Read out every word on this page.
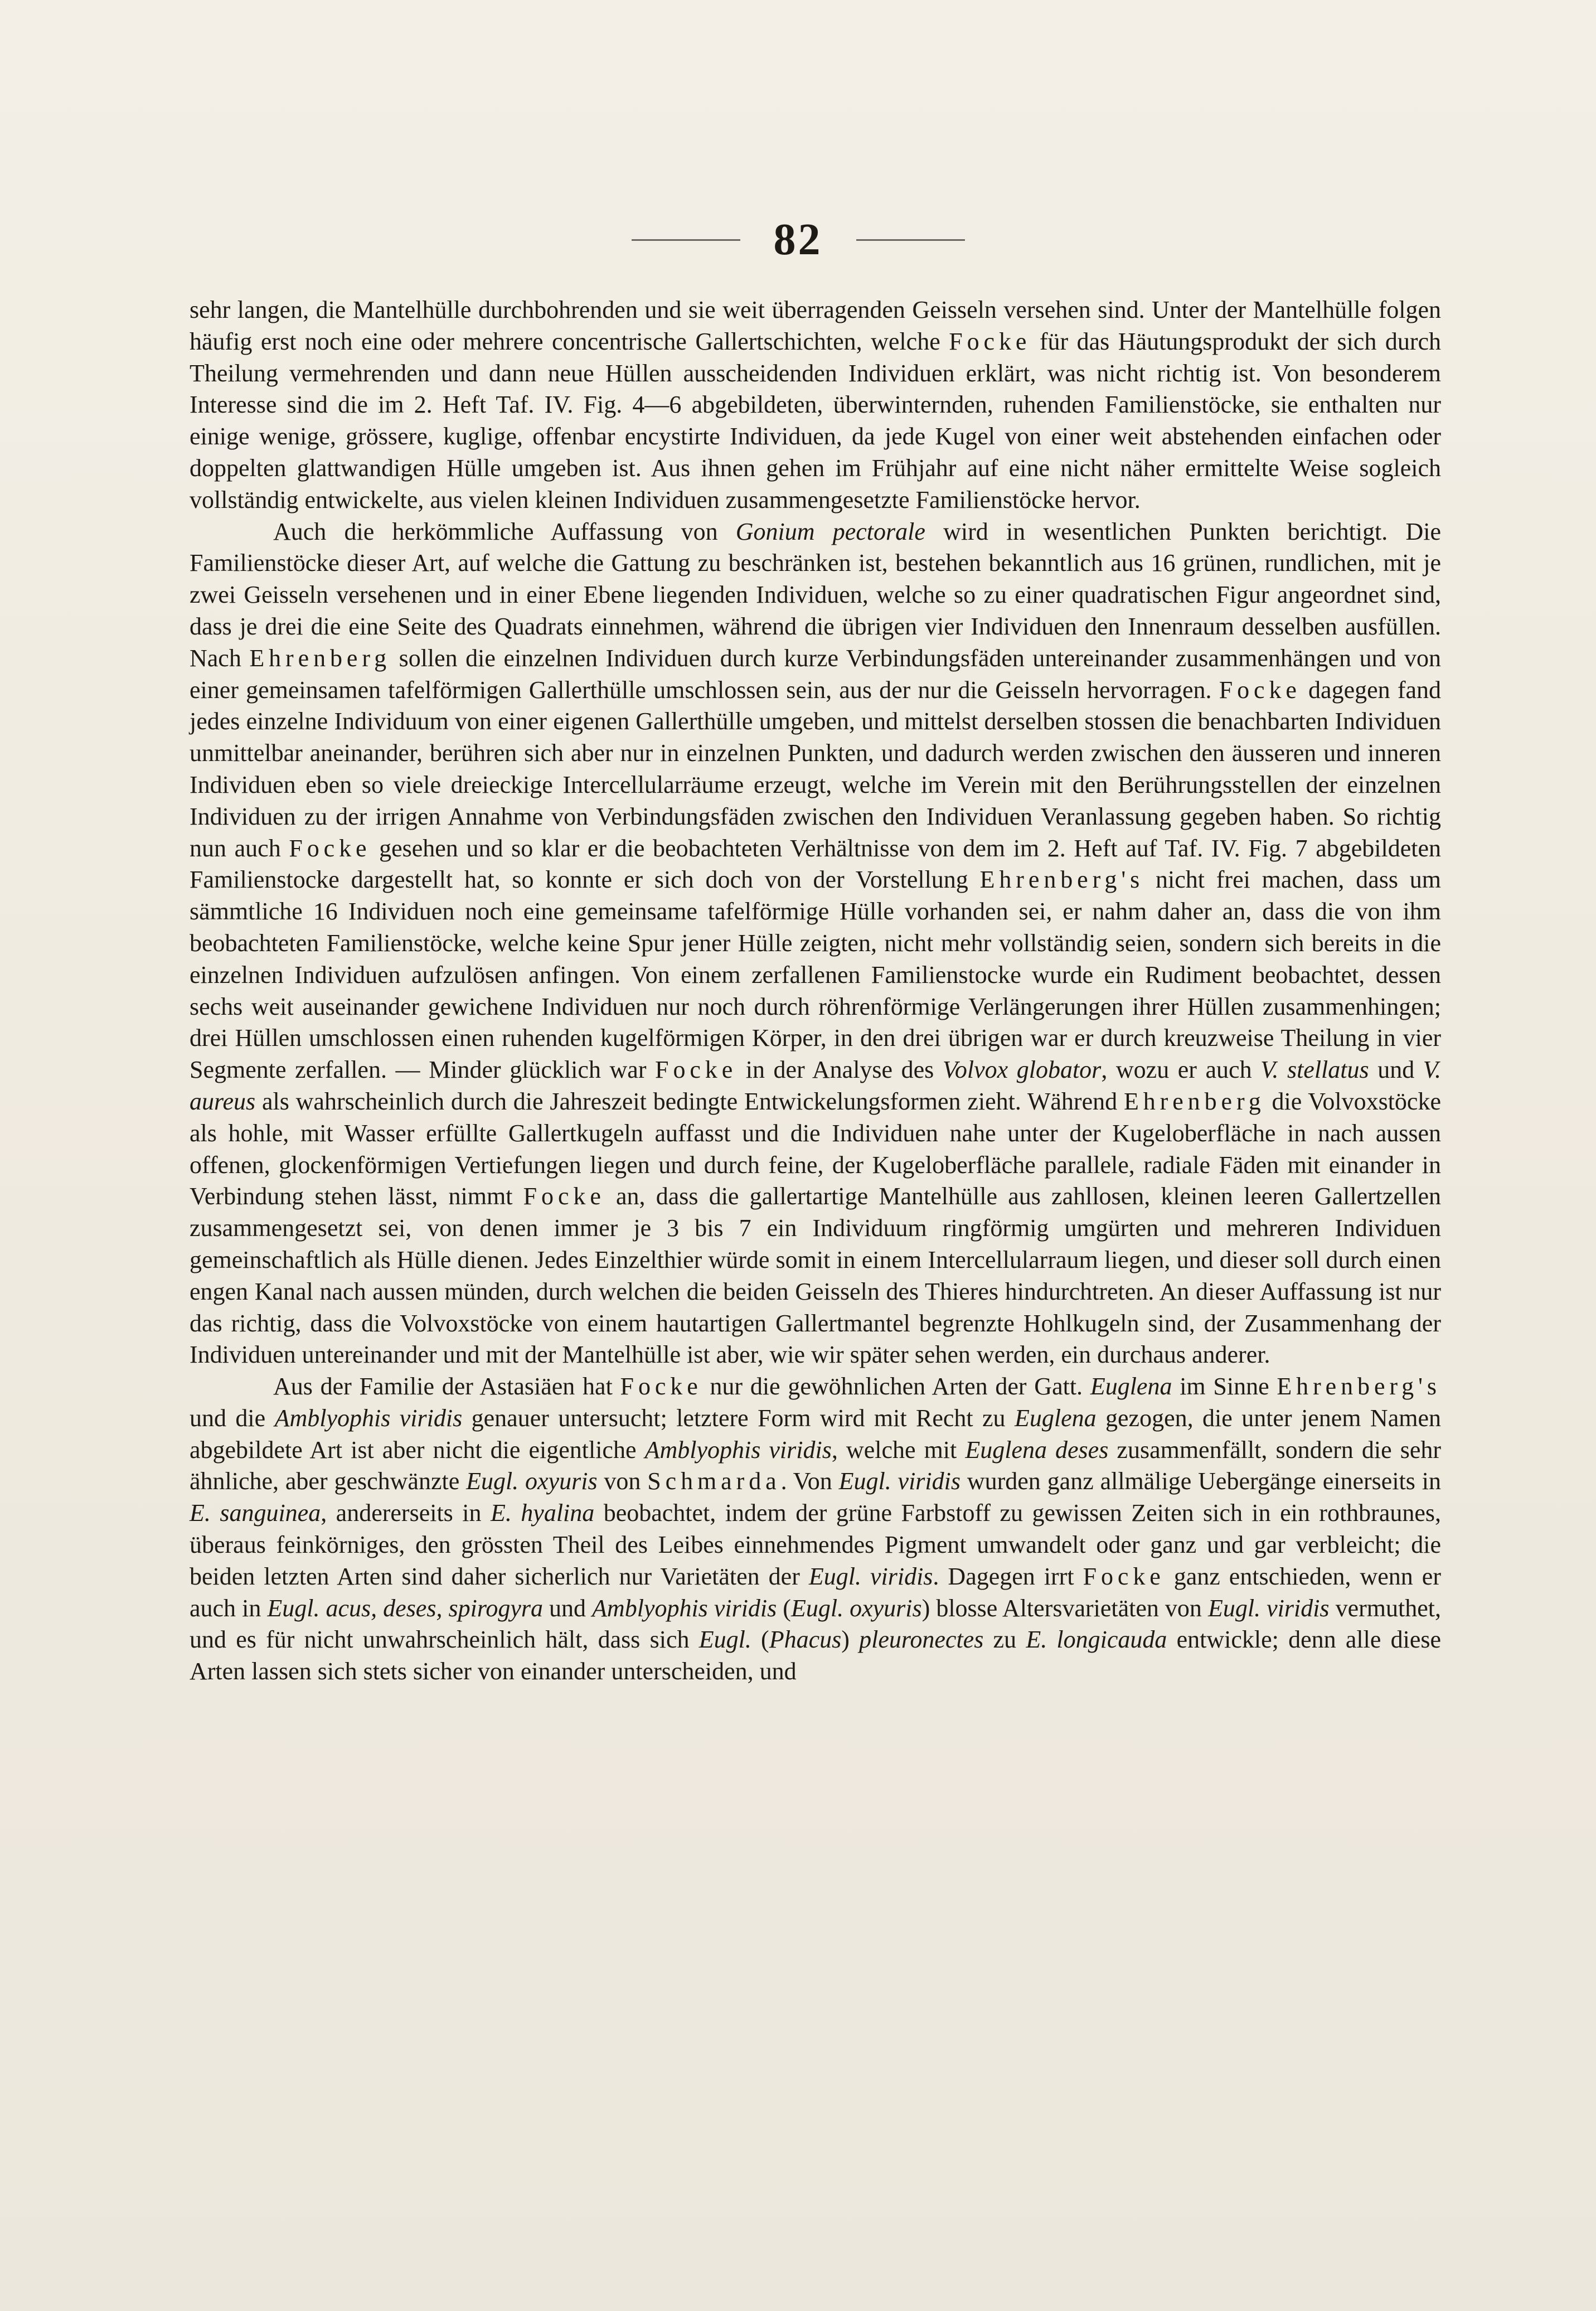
82

sehr langen, die Mantelhülle durchbohrenden und sie weit überragenden Geisseln versehen sind. Unter der Mantelhülle folgen häufig erst noch eine oder mehrere concentrische Gallertschichten, welche Focke für das Häutungsprodukt der sich durch Theilung vermehrenden und dann neue Hüllen ausscheidenden Individuen erklärt, was nicht richtig ist. Von besonderem Interesse sind die im 2. Heft Taf. IV. Fig. 4—6 abgebildeten, überwinternden, ruhenden Familienstöcke, sie enthalten nur einige wenige, grössere, kuglige, offenbar encystirte Individuen, da jede Kugel von einer weit abstehenden einfachen oder doppelten glattwandigen Hülle umgeben ist. Aus ihnen gehen im Frühjahr auf eine nicht näher ermittelte Weise sogleich vollständig entwickelte, aus vielen kleinen Individuen zusammengesetzte Familienstöcke hervor.

Auch die herkömmliche Auffassung von Gonium pectorale wird in wesentlichen Punkten berichtigt. Die Familienstöcke dieser Art, auf welche die Gattung zu beschränken ist, bestehen bekanntlich aus 16 grünen, rundlichen, mit je zwei Geisseln versehenen und in einer Ebene liegenden Individuen, welche so zu einer quadratischen Figur angeordnet sind, dass je drei die eine Seite des Quadrats einnehmen, während die übrigen vier Individuen den Innenraum desselben ausfüllen. Nach Ehrenberg sollen die einzelnen Individuen durch kurze Verbindungsfäden untereinander zusammenhängen und von einer gemeinsamen tafelförmigen Gallerthülle umschlossen sein, aus der nur die Geisseln hervorragen. Focke dagegen fand jedes einzelne Individuum von einer eigenen Gallerthülle umgeben, und mittelst derselben stossen die benachbarten Individuen unmittelbar aneinander, berühren sich aber nur in einzelnen Punkten, und dadurch werden zwischen den äusseren und inneren Individuen eben so viele dreieckige Intercellularräume erzeugt, welche im Verein mit den Berührungsstellen der einzelnen Individuen zu der irrigen Annahme von Verbindungsfäden zwischen den Individuen Veranlassung gegeben haben. So richtig nun auch Focke gesehen und so klar er die beobachteten Verhältnisse von dem im 2. Heft auf Taf. IV. Fig. 7 abgebildeten Familienstocke dargestellt hat, so konnte er sich doch von der Vorstellung Ehrenberg's nicht frei machen, dass um sämmtliche 16 Individuen noch eine gemeinsame tafelförmige Hülle vorhanden sei, er nahm daher an, dass die von ihm beobachteten Familienstöcke, welche keine Spur jener Hülle zeigten, nicht mehr vollständig seien, sondern sich bereits in die einzelnen Individuen aufzulösen anfingen. Von einem zerfallenen Familienstocke wurde ein Rudiment beobachtet, dessen sechs weit auseinander gewichene Individuen nur noch durch röhrenförmige Verlängerungen ihrer Hüllen zusammenhingen; drei Hüllen umschlossen einen ruhenden kugelförmigen Körper, in den drei übrigen war er durch kreuzweise Theilung in vier Segmente zerfallen. — Minder glücklich war Focke in der Analyse des Volvox globator, wozu er auch V. stellatus und V. aureus als wahrscheinlich durch die Jahreszeit bedingte Entwickelungsformen zieht. Während Ehrenberg die Volvoxstöcke als hohle, mit Wasser erfüllte Gallertkugeln auffasst und die Individuen nahe unter der Kugeloberfläche in nach aussen offenen, glockenförmigen Vertiefungen liegen und durch feine, der Kugeloberfläche parallele, radiale Fäden mit einander in Verbindung stehen lässt, nimmt Focke an, dass die gallertartige Mantelhülle aus zahllosen, kleinen leeren Gallertzellen zusammengesetzt sei, von denen immer je 3 bis 7 ein Individuum ringförmig umgürten und mehreren Individuen gemeinschaftlich als Hülle dienen. Jedes Einzelthier würde somit in einem Intercellularraum liegen, und dieser soll durch einen engen Kanal nach aussen münden, durch welchen die beiden Geisseln des Thieres hindurchtreten. An dieser Auffassung ist nur das richtig, dass die Volvoxstöcke von einem hautartigen Gallertmantel begrenzte Hohlkugeln sind, der Zusammenhang der Individuen untereinander und mit der Mantelhülle ist aber, wie wir später sehen werden, ein durchaus anderer.

Aus der Familie der Astasiäen hat Focke nur die gewöhnlichen Arten der Gatt. Euglena im Sinne Ehrenberg's und die Amblyophis viridis genauer untersucht; letztere Form wird mit Recht zu Euglena gezogen, die unter jenem Namen abgebildete Art ist aber nicht die eigentliche Amblyophis viridis, welche mit Euglena deses zusammenfällt, sondern die sehr ähnliche, aber geschwänzte Eugl. oxyuris von Schmarda. Von Eugl. viridis wurden ganz allmälige Uebergänge einerseits in E. sanguinea, andererseits in E. hyalina beobachtet, indem der grüne Farbstoff zu gewissen Zeiten sich in ein rothbraunes, überaus feinkörniges, den grössten Theil des Leibes einnehmendes Pigment umwandelt oder ganz und gar verbleicht; die beiden letzten Arten sind daher sicherlich nur Varietäten der Eugl. viridis. Dagegen irrt Focke ganz entschieden, wenn er auch in Eugl. acus, deses, spirogyra und Amblyophis viridis (Eugl. oxyuris) blosse Altersvarietäten von Eugl. viridis vermuthet, und es für nicht unwahrscheinlich hält, dass sich Eugl. (Phacus) pleuronectes zu E. longicauda entwickle; denn alle diese Arten lassen sich stets sicher von einander unterscheiden, und
